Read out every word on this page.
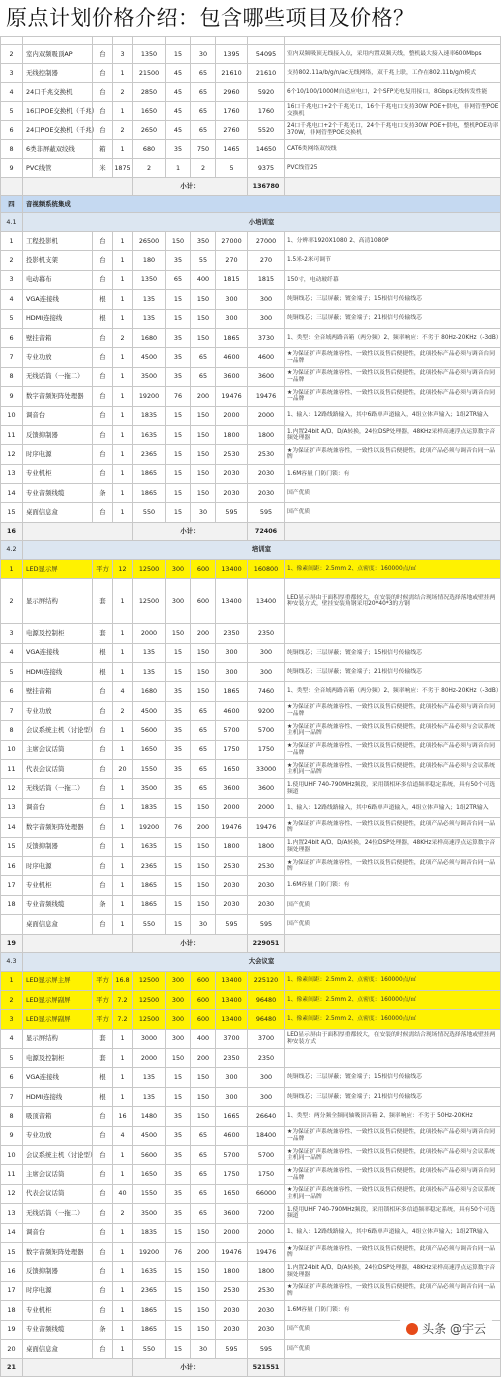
原点计划价格介绍：包含哪些项目及价格？

2	室内双频吸顶AP	台	3	1350	15	30	1395	54095	室内双频吸顶无线接入点，采用内置双频天线，整机最大接入速率600Mbps
3	无线控制器	台	1	21500	45	65	21610	21610	支持802.11a/b/g/n/ac无线网络，双千兆上联，工作在802.11b/g/n模式
4	24口千兆交换机	台	2	2850	45	65	2960	5920	6个10/100/1000M自适应电口，2个SFP光电复用接口，8Gbps无线转发性能
5	16口POE交换机（千兆）	台	1	1650	45	65	1760	1760	16口千兆电口+2个千兆光口，16个千兆电口支持30W POE+供电，非网管型POE交换机
6	24口POE交换机（千兆）	台	2	2650	45	65	2760	5520	24口千兆电口+2个千兆光口，24个千兆电口支持30W POE+供电，整机POE功率370W，非网管型POE交换机
8	6类非屏蔽双绞线	箱	1	680	35	750	1465	14650	CAT6类网络双绞线
9	PVC线管	米	1875	2	1	2	5	9375	PVC线管25
				小计：				136780	
四	音视频系统集成								
4.1	小培训室								
1	工程投影机	台	1	26500	150	350	27000	27000	1、分辨率1920X1080 2、高清1080P
2	投影机支架	台	1	180	35	55	270	270	1.5米-2米可调节
3	电动幕布	台	1	1350	65	400	1815	1815	150寸，电动玻纤幕
4	VGA连接线	根	1	135	15	150	300	300	纯铜线芯；三层屏蔽；镀金端子；15根信号传输线芯
5	HDMI连接线	根	1	135	15	150	300	300	纯铜线芯；三层屏蔽；镀金端子；21根信号传输线芯
6	壁挂音箱	台	2	1680	35	150	1865	3730	1、类型：全音域两路音箱（两分频）2、频率响应：不劣于 80Hz-20KHz（-3dB）
7	专业功放	台	1	4500	35	65	4600	4600	★为保证扩声系统兼容性、一致性以及售后便捷性，此项投标产品必须与调音台同一品牌
8	无线话筒（一拖二）	台	1	3500	35	65	3600	3600	★为保证扩声系统兼容性、一致性以及售后便捷性，此项投标产品必须与调音台同一品牌
9	数字音频矩阵处理器	台	1	19200	76	200	19476	19476	★为保证扩声系统兼容性、一致性以及售后便捷性，此项投标产品必须与调音台同一品牌
10	调音台	台	1	1835	15	150	2000	2000	1、输入：12路线路输入，其中6路单声道输入，4组立体声输入；1组2TR输入
11	反馈抑制器	台	1	1635	15	150	1800	1800	1.内置24bit A/D、D/A转换，24位DSP处理器，48KHz采样高速浮点运算数字音频处理器
12	时序电源	台	1	2365	15	150	2530	2530	★为保证扩声系统兼容性，一致性以及售后便捷性，此项产品必须与调音台同一品牌
13	专业机柜	台	1	1865	15	150	2030	2030	1.6M容量 门防门锁：有
14	专业音频线缆	条	1	1865	15	150	2030	2030	国产优质
15	桌面信息盒	台	1	550	15	30	595	595	国产优质
16				小计：				72406	
4.2	培训室								
1	LED显示屏	平方	12	12500	300	600	13400	160800	1、像素间距：2.5mm 2、点密度：160000点/㎡
2	显示屏结构	套	1	12500	300	600	13400	13400	LED显示屏由于面积厚重都较大，在安装的时候需结合现场情况选择落地或壁挂两种安装方式，壁挂安装角钢采用20*40*3的方钢
3	电源及控制柜	套	1	2000	150	200	2350	2350	
4	VGA连接线	根	1	135	15	150	300	300	纯铜线芯；三层屏蔽；镀金端子；15根信号传输线芯
5	HDMI连接线	根	1	135	15	150	300	300	纯铜线芯；三层屏蔽；镀金端子；21根信号传输线芯
6	壁挂音箱	台	4	1680	35	150	1865	7460	1、类型：全音域两路音箱（两分频）2、频率响应：不劣于 80Hz-20KHz（-3dB）
7	专业功放	台	2	4500	35	65	4600	9200	★为保证扩声系统兼容性、一致性以及售后便捷性，此项投标产品必须与调音台同一品牌
8	会议系统主机（讨论型）	台	1	5600	35	65	5700	5700	★为保证扩声系统兼容性、一致性以及售后便捷性，此项投标产品必须与会议系统主机同一品牌
10	主席会议话筒	台	1	1650	35	65	1750	1750	★为保证扩声系统兼容性、一致性以及售后便捷性，此项投标产品必须与调音台同一品牌
11	代表会议话筒	台	20	1550	35	65	1650	33000	★为保证扩声系统兼容性、一致性以及售后便捷性，此项投标产品必须与会议系统主机同一品牌
12	无线话筒（一拖二）	台	1	3500	35	65	3600	3600	1.使用UHF 740-790MHz频段，采用锁相环多信道频率稳定系统，具有50个可选频道
13	调音台	台	1	1835	15	150	2000	2000	1、输入：12路线路输入，其中6路单声道输入，4组立体声输入；1组2TR输入
14	数字音频矩阵处理器	台	1	19200	76	200	19476	19476	★为保证扩声系统兼容性、一致性以及售后便捷性，此项产品必须与调音台同一品牌
15	反馈抑制器	台	1	1635	15	150	1800	1800	1.内置24bit A/D、D/A转换，24位DSP处理器，48KHz采样高速浮点运算数字音频处理器
16	时序电源	台	1	2365	15	150	2530	2530	★为保证扩声系统兼容性，一致性以及售后便捷性，此项产品必须与调音台同一品牌
17	专业机柜	台	1	1865	15	150	2030	2030	1.6M容量 门防门锁：有
18	专业音频线缆	条	1	1865	15	150	2030	2030	国产优质
	桌面信息盒	台	1	550	15	30	595	595	国产优质
19				小计：				229051	
4.3	大会议室								
1	LED显示屏主屏	平方	16.8	12500	300	600	13400	225120	1、像素间距：2.5mm 2、点密度：160000点/㎡
2	LED显示屏副屏	平方	7.2	12500	300	600	13400	96480	1、像素间距：2.5mm 2、点密度：160000点/㎡
3	LED显示屏副屏	平方	7.2	12500	300	600	13400	96480	1、像素间距：2.5mm 2、点密度：160000点/㎡
4	显示屏结构	套	1	3000	300	400	3700	3700	LED显示屏由于面积厚重都较大，在安装的时候需结合现场情况选择落地或壁挂两种安装方式
5	电源及控制柜	套	1	2000	150	200	2350	2350	
6	VGA连接线	根	1	135	15	150	300	300	纯铜线芯；三层屏蔽；镀金端子；15根信号传输线芯
7	HDMI连接线	根	1	135	15	150	300	300	纯铜线芯；三层屏蔽；镀金端子；21根信号传输线芯
8	吸顶音箱	台	16	1480	35	150	1665	26640	1、类型：两分频全频同轴吸顶音箱 2、频率响应：不劣于 50Hz-20KHz
9	专业功放	台	4	4500	35	65	4600	18400	★为保证扩声系统兼容性、一致性以及售后便捷性，此项投标产品必须与调音台同一品牌
10	会议系统主机（讨论型）	台	1	5600	35	65	5700	5700	★为保证扩声系统兼容性、一致性以及售后便捷性，此项投标产品必须与会议系统主机同一品牌
11	主席会议话筒	台	1	1650	35	65	1750	1750	★为保证扩声系统兼容性、一致性以及售后便捷性，此项投标产品必须与调音台同一品牌
12	代表会议话筒	台	40	1550	35	65	1650	66000	★为保证扩声系统兼容性、一致性以及售后便捷性，此项投标产品必须与会议系统主机同一品牌
13	无线话筒（一拖二）	台	2	3500	35	65	3600	7200	1.使用UHF 740-790MHz频段，采用锁相环多信道频率稳定系统，具有50个可选频道
14	调音台	台	1	1835	15	150	2000	2000	1、输入：12路线路输入，其中6路单声道输入，4组立体声输入；1组2TR输入
15	数字音频矩阵处理器	台	1	19200	76	200	19476	19476	★为保证扩声系统兼容性、一致性以及售后便捷性，此项产品必须与调音台同一品牌
16	反馈抑制器	台	1	1635	15	150	1800	1800	1.内置24bit A/D、D/A转换，24位DSP处理器，48KHz采样高速浮点运算数字音频处理器
17	时序电源	台	1	2365	15	150	2530	2530	★为保证扩声系统兼容性，一致性以及售后便捷性，此项产品必须与调音台同一品牌
18	专业机柜	台	1	1865	15	150	2030	2030	1.6M容量 门防门锁：有
19	专业音频线缆	条	1	1865	15	150	2030	2030	国产优质
20	桌面信息盒	台	1	550	15	30	595	595	国产优质
21				小计：				521551	
头条 @宇云
